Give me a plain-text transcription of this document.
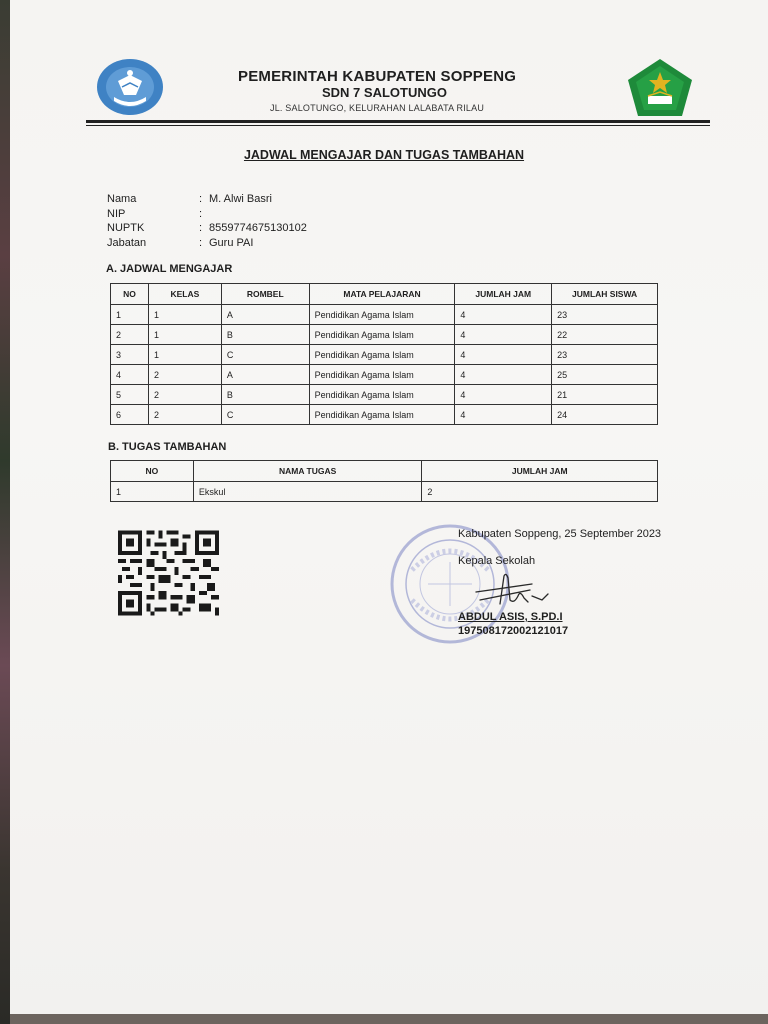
PEMERINTAH KABUPATEN SOPPENG
SDN 7 SALOTUNGO
JL. SALOTUNGO, KELURAHAN LALABATA RILAU
JADWAL MENGAJAR DAN TUGAS TAMBAHAN
Nama	: M. Alwi Basri
NIP	:
NUPTK	: 8559774675130102
Jabatan	: Guru PAI
A. JADWAL MENGAJAR
NO	KELAS	ROMBEL	MATA PELAJARAN	JUMLAH JAM	JUMLAH SISWA
1	1	A	Pendidikan Agama Islam	4	23
2	1	B	Pendidikan Agama Islam	4	22
3	1	C	Pendidikan Agama Islam	4	23
4	2	A	Pendidikan Agama Islam	4	25
5	2	B	Pendidikan Agama Islam	4	21
6	2	C	Pendidikan Agama Islam	4	24
B. TUGAS TAMBAHAN
NO	NAMA TUGAS	JUMLAH JAM
1	Ekskul	2
Kabupaten Soppeng, 25 September 2023
Kepala Sekolah
ABDUL ASIS, S.PD.I
197508172002121017
